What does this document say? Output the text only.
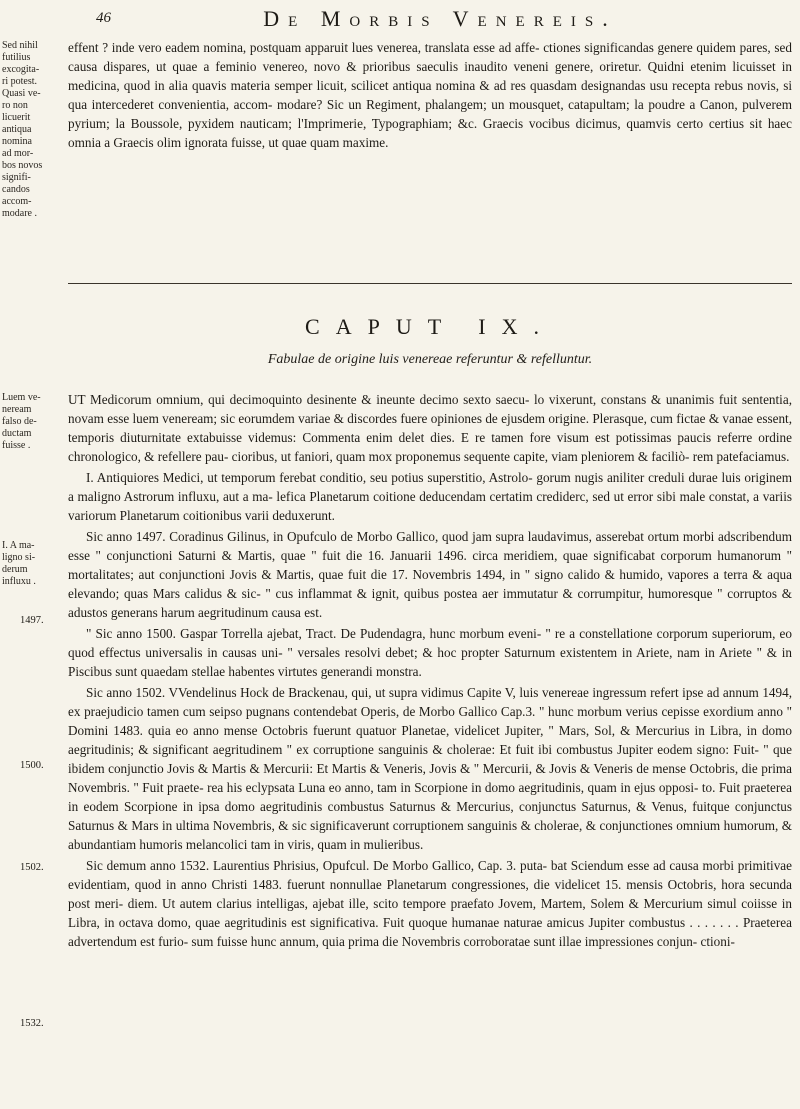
46	De Morbis Venereis.
Sed nihil
futilius
excogita-
ri potest.
Quasi ve-
ro non
licuerit
antiqua
nomina
ad mor-
bos novos
signifi-
candos
accom-
modare .
Luem ve-
neream
falso de-
ductam
fuisse .
I. A ma-
ligno si-
derum
influxu .
1497.
1500.
1502.
1532.

effent ? inde vero eadem nomina, postquam apparuit lues venerea, translata esse ad affe- ctiones significandas genere quidem pares, sed causa dispares, ut quae a feminio venereo, novo & prioribus saeculis inaudito veneni genere, oriretur. Quidni etenim licuisset in medicina, quod in alia quavis materia semper licuit, scilicet antiqua nomina & ad res quasdam designandas usu recepta rebus novis, si qua intercederet convenientia, accom- modare? Sic un Regiment, phalangem; un mousquet, catapultam; la poudre a Canon, pulverem pyrium; la Boussole, pyxidem nauticam; l'Imprimerie, Typographiam; &c. Graecis vocibus dicimus, quamvis certo certius sit haec omnia a Graecis olim ignorata fuisse, ut quae quam maxime.

CAPUT IX.
Fabulae de origine luis venereae referuntur & refelluntur.

UT Medicorum omnium, qui decimoquinto desinente & ineunte decimo sexto saecu- lo vixerunt, constans & unanimis fuit sententia, novam esse luem veneream; sic eorumdem variae & discordes fuere opiniones de ejusdem origine. Plerasque, cum fictae & vanae essent, temporis diuturnitate extabuisse videmus: Commenta enim delet dies. E re tamen fore visum est potissimas paucis referre ordine chronologico, & refellere pau- cioribus, ut faniori, quam mox proponemus sequente capite, viam pleniorem & faciliò- rem patefaciamus.

I. Antiquiores Medici, ut temporum ferebat conditio, seu potius superstitio, Astrolo- gorum nugis aniliter creduli durae luis originem a maligno Astrorum influxu, aut a ma- lefica Planetarum coitione deducendam certatim crediderc, sed ut error sibi male constat, a variis variorum Planetarum coitionibus varii deduxerunt.

Sic anno 1497. Coradinus Gilinus, in Opufculo de Morbo Gallico, quod jam supra laudavimus, asserebat ortum morbi adscribendum esse " conjunctioni Saturni & Martis, quae " fuit die 16. Januarii 1496. circa meridiem, quae significabat corporum humanorum " mortalitates; aut conjunctioni Jovis & Martis, quae fuit die 17. Novembris 1494, in " signo calido & humido, vapores a terra & aqua elevando; quas Mars calidus & sic- " cus inflammat & ignit, quibus postea aer immutatur & corrumpitur, humoresque " corruptos & adustos generans harum aegritudinum causa est.

" Sic anno 1500. Gaspar Torrella ajebat, Tract. De Pudendagra, hunc morbum eveni- " re a constellatione corporum superiorum, eo quod effectus universalis in causas uni- " versales resolvi debet; & hoc propter Saturnum existentem in Ariete, nam in Ariete " & in Piscibus sunt quaedam stellae habentes virtutes generandi monstra.

Sic anno 1502. VVendelinus Hock de Brackenau, qui, ut supra vidimus Capite V, luis venereae ingressum refert ipse ad annum 1494, ex praejudicio tamen cum seipso pugnans contendebat Operis, de Morbo Gallico Cap.3. " hunc morbum verius cepisse exordium anno " Domini 1483. quia eo anno mense Octobris fuerunt quatuor Planetae, videlicet Jupiter, " Mars, Sol, & Mercurius in Libra, in domo aegritudinis; & significant aegritudinem " ex corruptione sanguinis & cholerae: Et fuit ibi combustus Jupiter eodem signo: Fuit- " que ibidem conjunctio Jovis & Martis & Mercurii: Et Martis & Veneris, Jovis & " Mercurii, & Jovis & Veneris de mense Octobris, die prima Novembris. " Fuit praete- rea his eclypsata Luna eo anno, tam in Scorpione in domo aegritudinis, quam in ejus opposi- to. Fuit praeterea in eodem Scorpione in ipsa domo aegritudinis combustus Saturnus & Mercurius, conjunctus Saturnus, & Venus, fuitque conjunctus Saturnus & Mars in ultima Novembris, & sic significaverunt corruptionem sanguinis & cholerae, & conjunctiones omnium humorum, & abundantiam humoris melancolici tam in viris, quam in mulieribus.

Sic demum anno 1532. Laurentius Phrisius, Opufcul. De Morbo Gallico, Cap. 3. puta- bat Sciendum esse ad causa morbi primitivae evidentiam, quod in anno Christi 1483. fuerunt nonnullae Planetarum congressiones, die videlicet 15. mensis Octobris, hora secunda post meri- diem. Ut autem clarius intelligas, ajebat ille, scito tempore praefato Jovem, Martem, Solem & Mercurium simul coiisse in Libra, in octava domo, quae aegritudinis est significativa. Fuit quoque humanae naturae amicus Jupiter combustus . . . . . . . Praeterea advertendum est furio- sum fuisse hunc annum, quia prima die Novembris corroboratae sunt illae impressiones conjun- ctioni-
